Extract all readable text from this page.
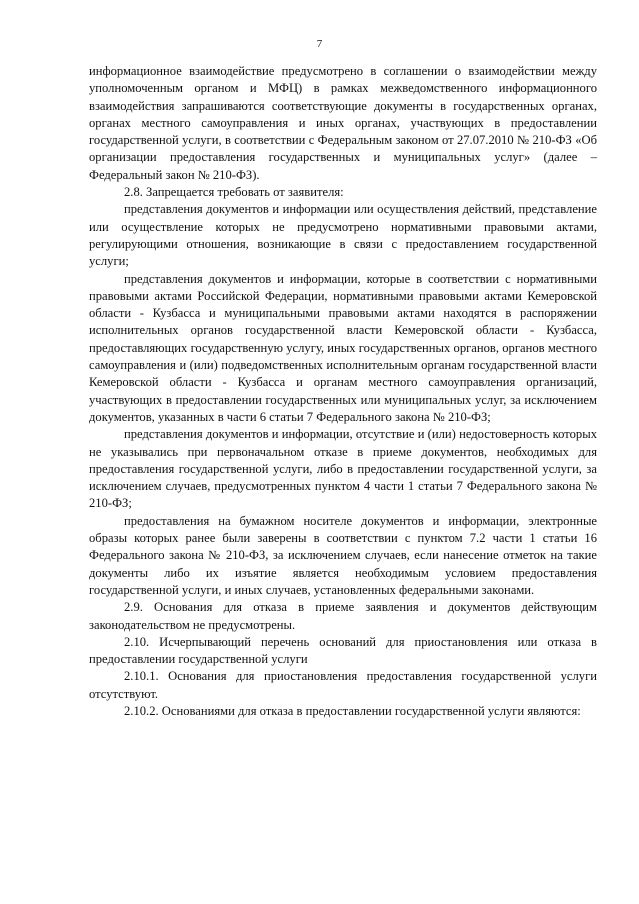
7

информационное взаимодействие предусмотрено в соглашении о взаимодействии между уполномоченным органом и МФЦ) в рамках межведомственного информационного взаимодействия запрашиваются соответствующие документы в государственных органах, органах местного самоуправления и иных органах, участвующих в предоставлении государственной услуги, в соответствии с Федеральным законом от 27.07.2010 № 210-ФЗ «Об организации предоставления государственных и муниципальных услуг» (далее – Федеральный закон № 210-ФЗ).

2.8. Запрещается требовать от заявителя:

представления документов и информации или осуществления действий, представление или осуществление которых не предусмотрено нормативными правовыми актами, регулирующими отношения, возникающие в связи с предоставлением государственной услуги;

представления документов и информации, которые в соответствии с нормативными правовыми актами Российской Федерации, нормативными правовыми актами Кемеровской области - Кузбасса и муниципальными правовыми актами находятся в распоряжении исполнительных органов государственной власти Кемеровской области - Кузбасса, предоставляющих государственную услугу, иных государственных органов, органов местного самоуправления и (или) подведомственных исполнительным органам государственной власти Кемеровской области - Кузбасса и органам местного самоуправления организаций, участвующих в предоставлении государственных или муниципальных услуг, за исключением документов, указанных в части 6 статьи 7 Федерального закона № 210-ФЗ;

представления документов и информации, отсутствие и (или) недостоверность которых не указывались при первоначальном отказе в приеме документов, необходимых для предоставления государственной услуги, либо в предоставлении государственной услуги, за исключением случаев, предусмотренных пунктом 4 части 1 статьи 7 Федерального закона № 210-ФЗ;

предоставления на бумажном носителе документов и информации, электронные образы которых ранее были заверены в соответствии с пунктом 7.2 части 1 статьи 16 Федерального закона № 210-ФЗ, за исключением случаев, если нанесение отметок на такие документы либо их изъятие является необходимым условием предоставления государственной услуги, и иных случаев, установленных федеральными законами.

2.9. Основания для отказа в приеме заявления и документов действующим законодательством не предусмотрены.

2.10. Исчерпывающий перечень оснований для приостановления или отказа в предоставлении государственной услуги

2.10.1. Основания для приостановления предоставления государственной услуги отсутствуют.

2.10.2. Основаниями для отказа в предоставлении государственной услуги являются:
